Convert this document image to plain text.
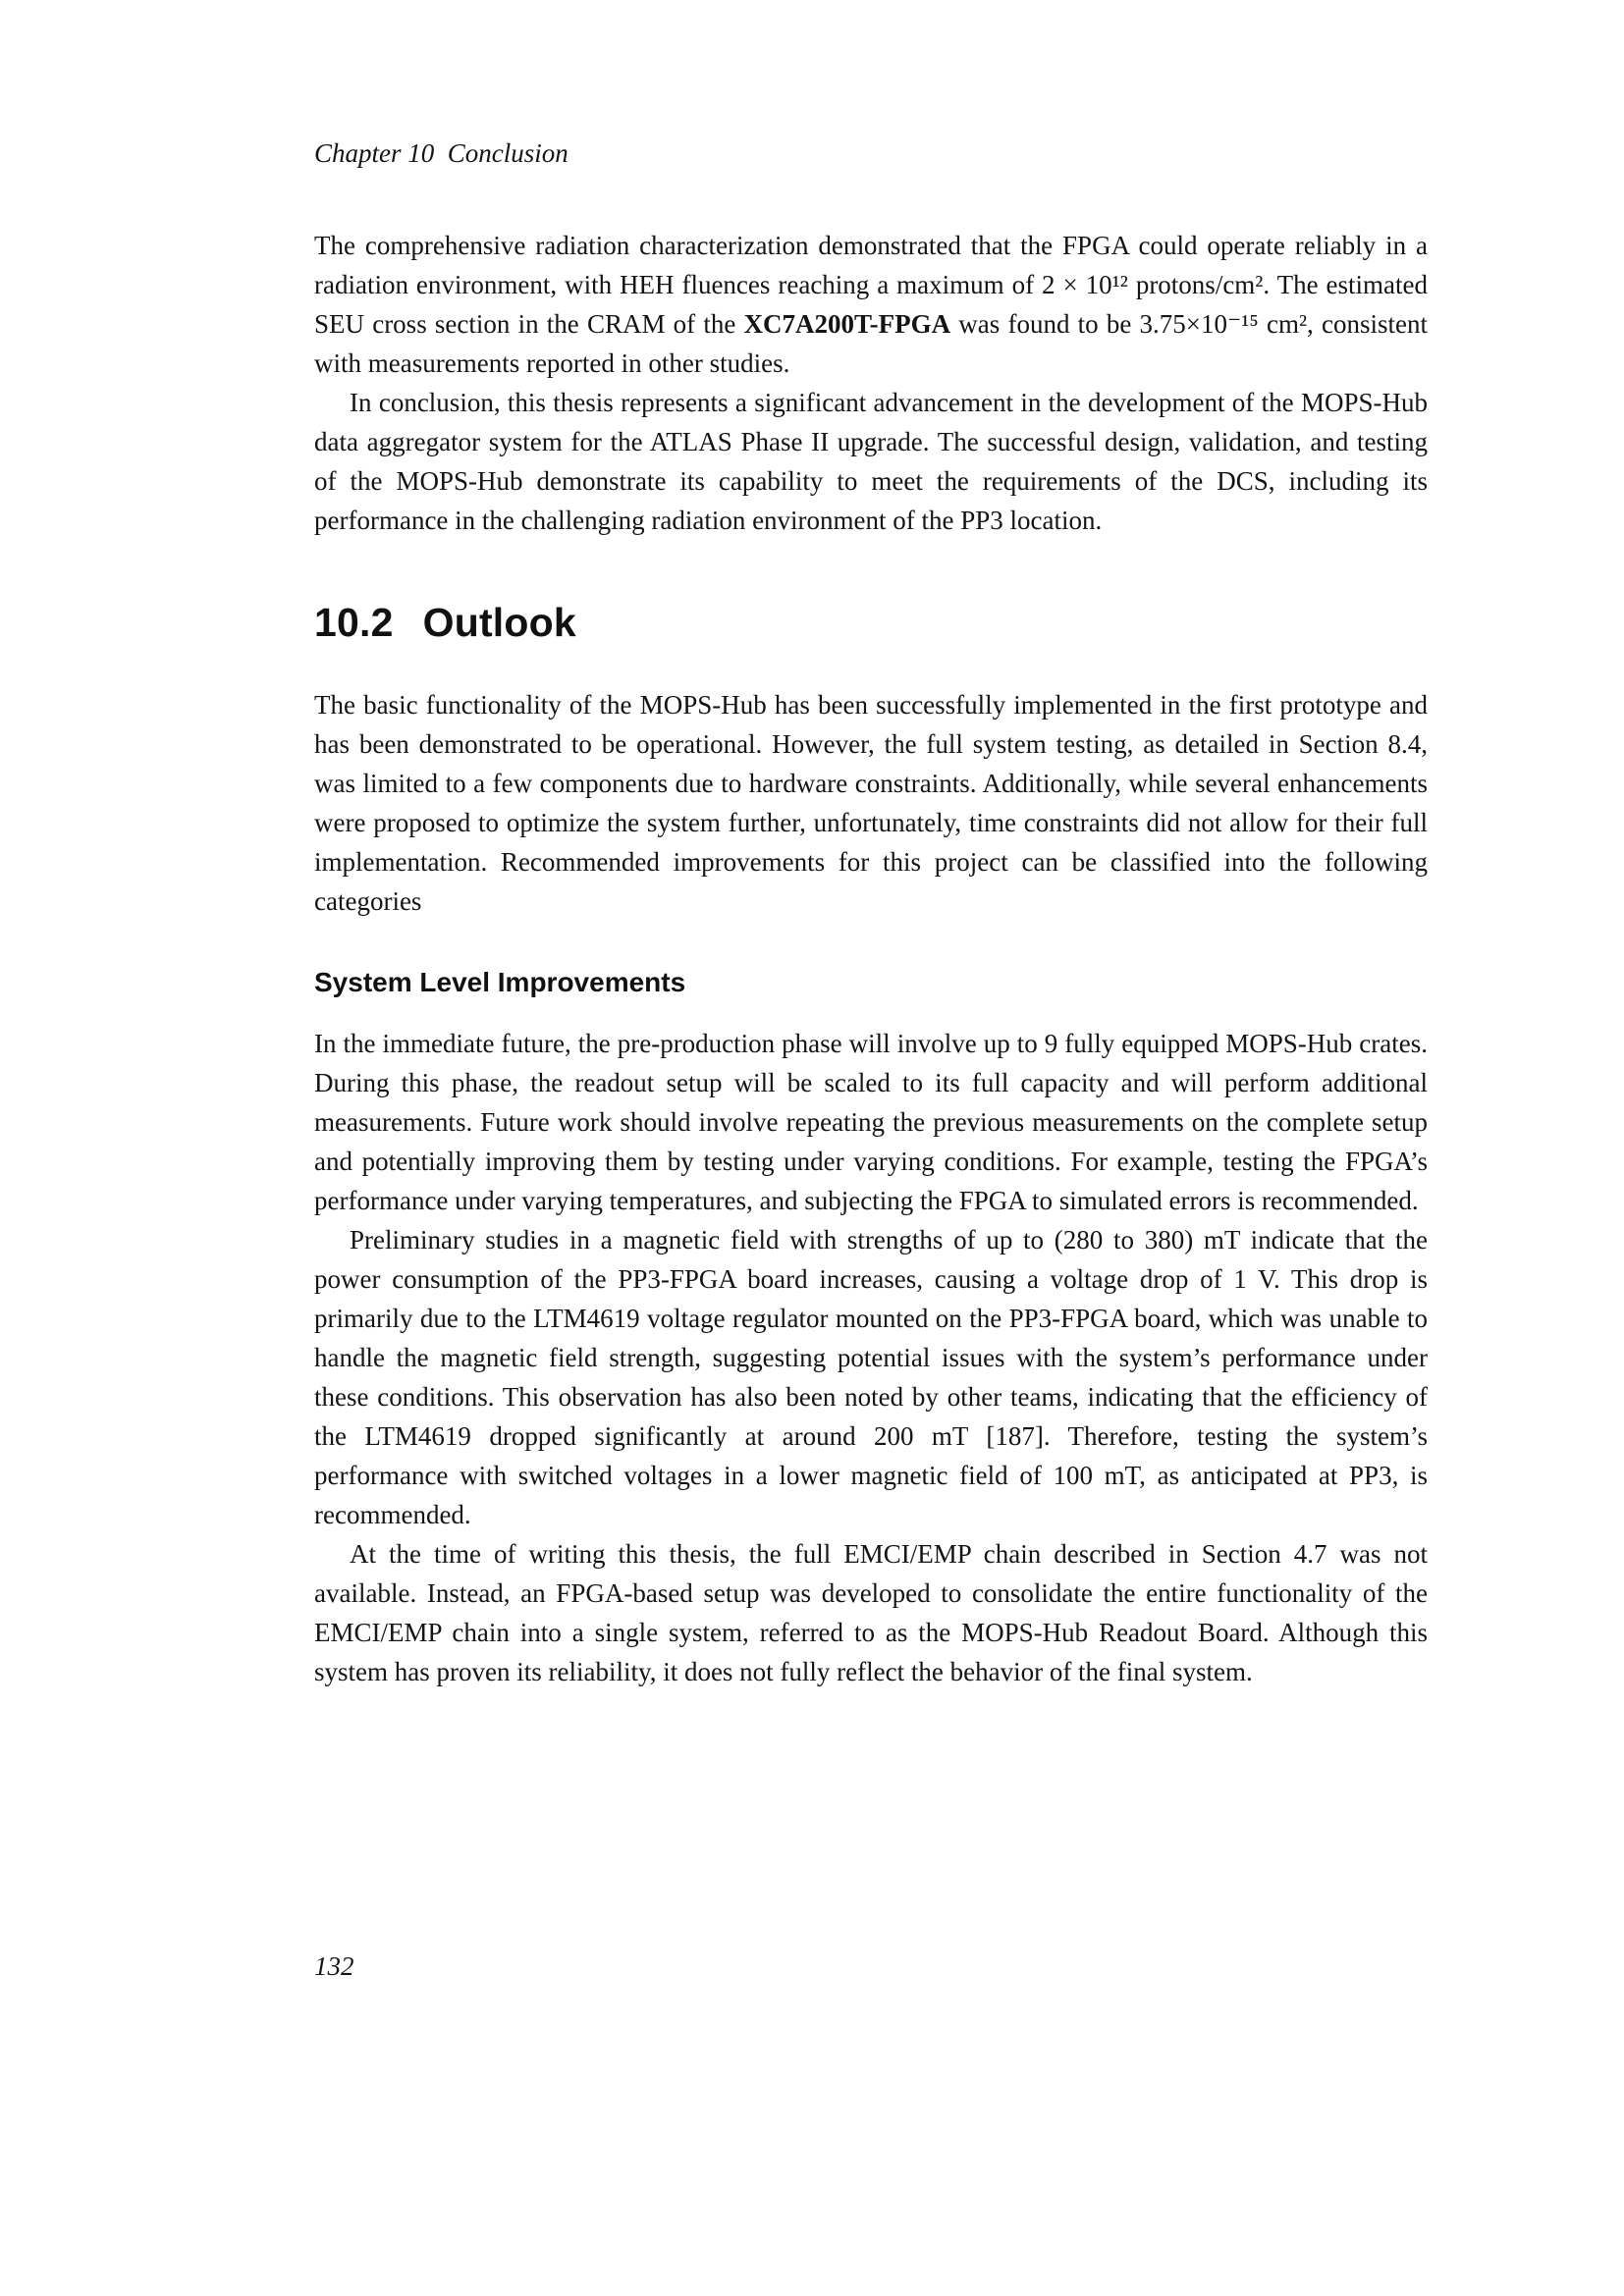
Chapter 10  Conclusion

The comprehensive radiation characterization demonstrated that the FPGA could operate reliably in a radiation environment, with HEH fluences reaching a maximum of 2 × 10¹² protons/cm². The estimated SEU cross section in the CRAM of the XC7A200T-FPGA was found to be 3.75×10⁻¹⁵ cm², consistent with measurements reported in other studies.

In conclusion, this thesis represents a significant advancement in the development of the MOPS-Hub data aggregator system for the ATLAS Phase II upgrade. The successful design, validation, and testing of the MOPS-Hub demonstrate its capability to meet the requirements of the DCS, including its performance in the challenging radiation environment of the PP3 location.

10.2 Outlook

The basic functionality of the MOPS-Hub has been successfully implemented in the first prototype and has been demonstrated to be operational. However, the full system testing, as detailed in Section 8.4, was limited to a few components due to hardware constraints. Additionally, while several enhancements were proposed to optimize the system further, unfortunately, time constraints did not allow for their full implementation. Recommended improvements for this project can be classified into the following categories

System Level Improvements

In the immediate future, the pre-production phase will involve up to 9 fully equipped MOPS-Hub crates. During this phase, the readout setup will be scaled to its full capacity and will perform additional measurements. Future work should involve repeating the previous measurements on the complete setup and potentially improving them by testing under varying conditions. For example, testing the FPGA’s performance under varying temperatures, and subjecting the FPGA to simulated errors is recommended.

Preliminary studies in a magnetic field with strengths of up to (280 to 380) mT indicate that the power consumption of the PP3-FPGA board increases, causing a voltage drop of 1 V. This drop is primarily due to the LTM4619 voltage regulator mounted on the PP3-FPGA board, which was unable to handle the magnetic field strength, suggesting potential issues with the system’s performance under these conditions. This observation has also been noted by other teams, indicating that the efficiency of the LTM4619 dropped significantly at around 200 mT [187]. Therefore, testing the system’s performance with switched voltages in a lower magnetic field of 100 mT, as anticipated at PP3, is recommended.

At the time of writing this thesis, the full EMCI/EMP chain described in Section 4.7 was not available. Instead, an FPGA-based setup was developed to consolidate the entire functionality of the EMCI/EMP chain into a single system, referred to as the MOPS-Hub Readout Board. Although this system has proven its reliability, it does not fully reflect the behavior of the final system.

132
